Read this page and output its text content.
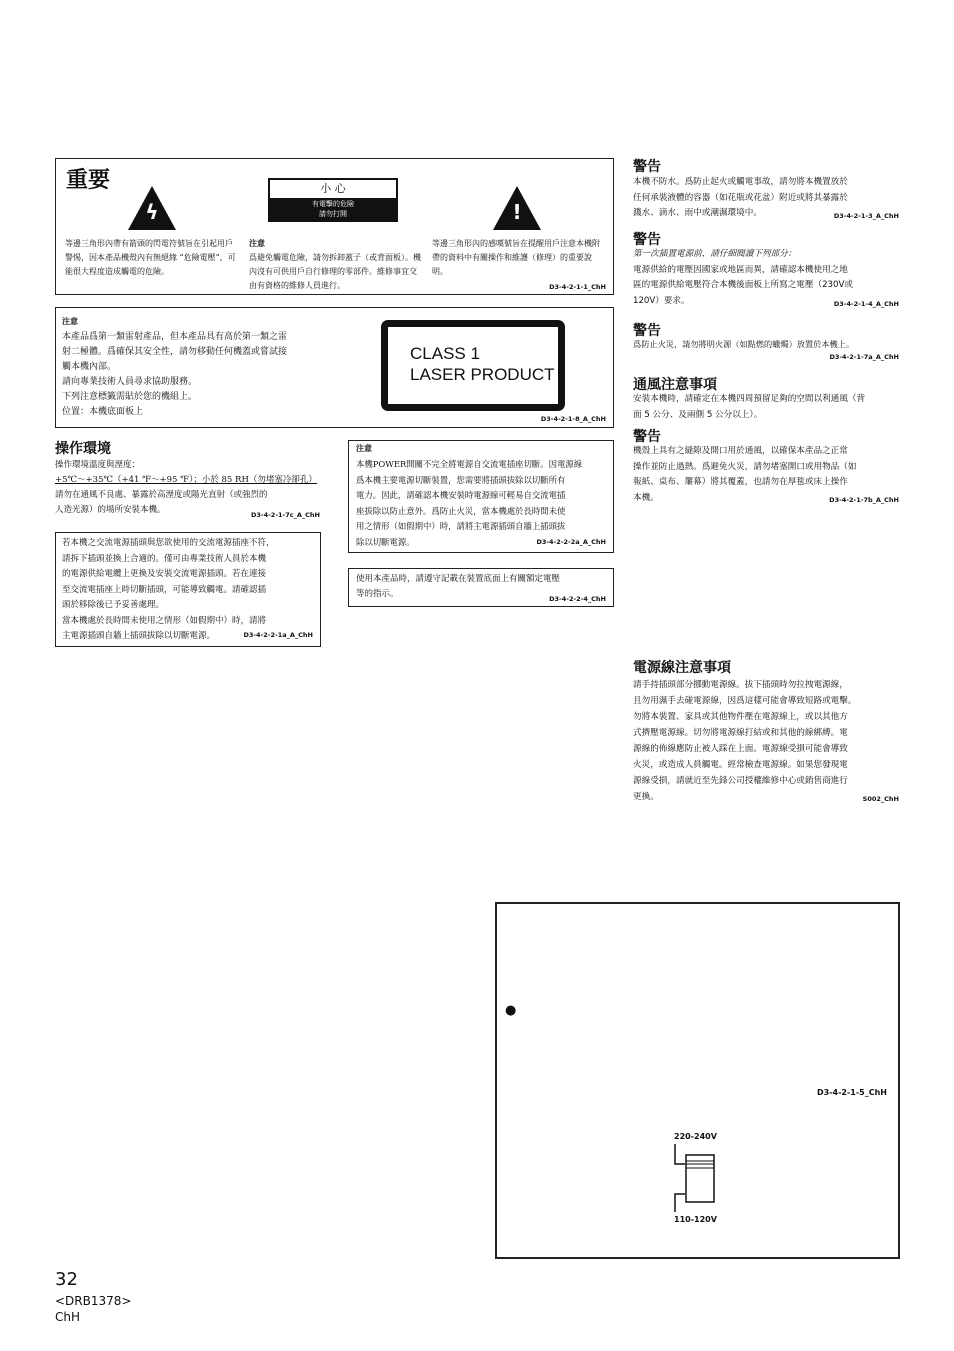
重要
ϟ
小 心
有電擊的危險
請勿打開	!
等邊三角形內帶有箭頭的閃電符號旨在引起用戶警惕，因本產品機殼內有無絕緣 “危險電壓”，可能很大程度造成觸電的危險。
注意
爲避免觸電危險，請勿拆卸蓋子（或背面板）。機內沒有可供用戶自行修理的零部件。維修事宜交由有資格的維修人員進行。
等邊三角形內的感嘆號旨在提醒用戶注意本機附帶的資料中有關操作和維護（修理）的重要說明。
D3-4-2-1-1_ChH
注意
本產品爲第一類雷射產品，但本產品具有高於第一類之雷
射二極體。爲確保其安全性，請勿移動任何機蓋或嘗試接
觸本機內部。
請向專業技術人員尋求協助服務。
下列注意標籤需貼於您的機組上。
位置：本機底面板上
CLASS 1
LASER PRODUCT
D3-4-2-1-8_A_ChH
操作環境
操作環境溫度與溼度：
+5℃～+35℃（+41 ℉～+95 ℉）；小於 85 RH（勿堵塞冷卻孔）
請勿在通風不良處、暴露於高溼度或陽光直射（或強烈的
人造光源）的場所安裝本機。	D3-4-2-1-7c_A_ChH
若本機之交流電源插頭與您欲使用的交流電源插座不符，
請拆下插頭並換上合適的。僅可由專業技術人員於本機
的電源供給電纜上更換及安裝交流電源插頭。若在連接
至交流電插座上時切斷插頭，可能導致觸電。請確認插
頭於移除後已予妥善處理。
當本機處於長時間未使用之情形（如假期中）時，請將
主電源插頭自牆上插頭拔除以切斷電源。	D3-4-2-2-1a_A_ChH
注意
本機POWER開關不完全將電源自交流電插座切斷。因電源線
爲本機主要電源切斷裝置，您需要將插頭拔除以切斷所有
電力。因此，請確認本機安裝時電源線可輕易自交流電插
座拔除以防止意外。爲防止火災，當本機處於長時間未使
用之情形（如假期中）時，請將主電源插頭自牆上插頭拔
除以切斷電源。	D3-4-2-2-2a_A_ChH
使用本產品時，請遵守記載在裝置底面上有關額定電壓
等的指示。	D3-4-2-2-4_ChH
警告
本機不防水。爲防止起火或觸電事故，請勿將本機置放於
任何承裝液體的容器（如花瓶或花盆）附近或將其暴露於
濺水、滴水、雨中或潮濕環境中。	D3-4-2-1-3_A_ChH
警告
第一次插置電源前，請仔細閱讀下列部分：
電源供給的電壓因國家或地區而異，請確認本機使用之地
區的電源供給電壓符合本機後面板上所寫之電壓（230V或
120V）要求。	D3-4-2-1-4_A_ChH
警告
爲防止火災，請勿將明火源（如點燃的蠟燭）放置於本機上。
D3-4-2-1-7a_A_ChH
通風注意事項
安裝本機時，請確定在本機四周預留足夠的空間以利通風（背
面 5 公分、及兩側 5 公分以上）。
警告
機殼上具有之縫隙及開口用於通風，以確保本產品之正常
操作並防止過熱。爲避免火災，請勿堵塞開口或用物品（如
報紙、桌布、簾幕）將其覆蓋，也請勿在厚毯或床上操作
本機。	D3-4-2-1-7b_A_ChH
電源線注意事項
請手持插頭部分挪動電源線。拔下插頭時勿拉拽電源線，
且勿用濕手去碰電源線，因爲這樣可能會導致短路或電擊。
勿將本裝置、家具或其他物件壓在電源線上，或以其他方
式擠壓電源線。切勿將電源線打結或和其他的線綁縛。電
源線的佈線應防止被人踩在上面。電源線受損可能會導致
火災，或造成人員觸電。經常檢查電源線。如果您發現電
源線受損，請就近至先鋒公司授權維修中心或銷售商進行
更換。	S002_ChH
●
D3-4-2-1-5_ChH
220-240V
110-120V
32
<DRB1378>
ChH
